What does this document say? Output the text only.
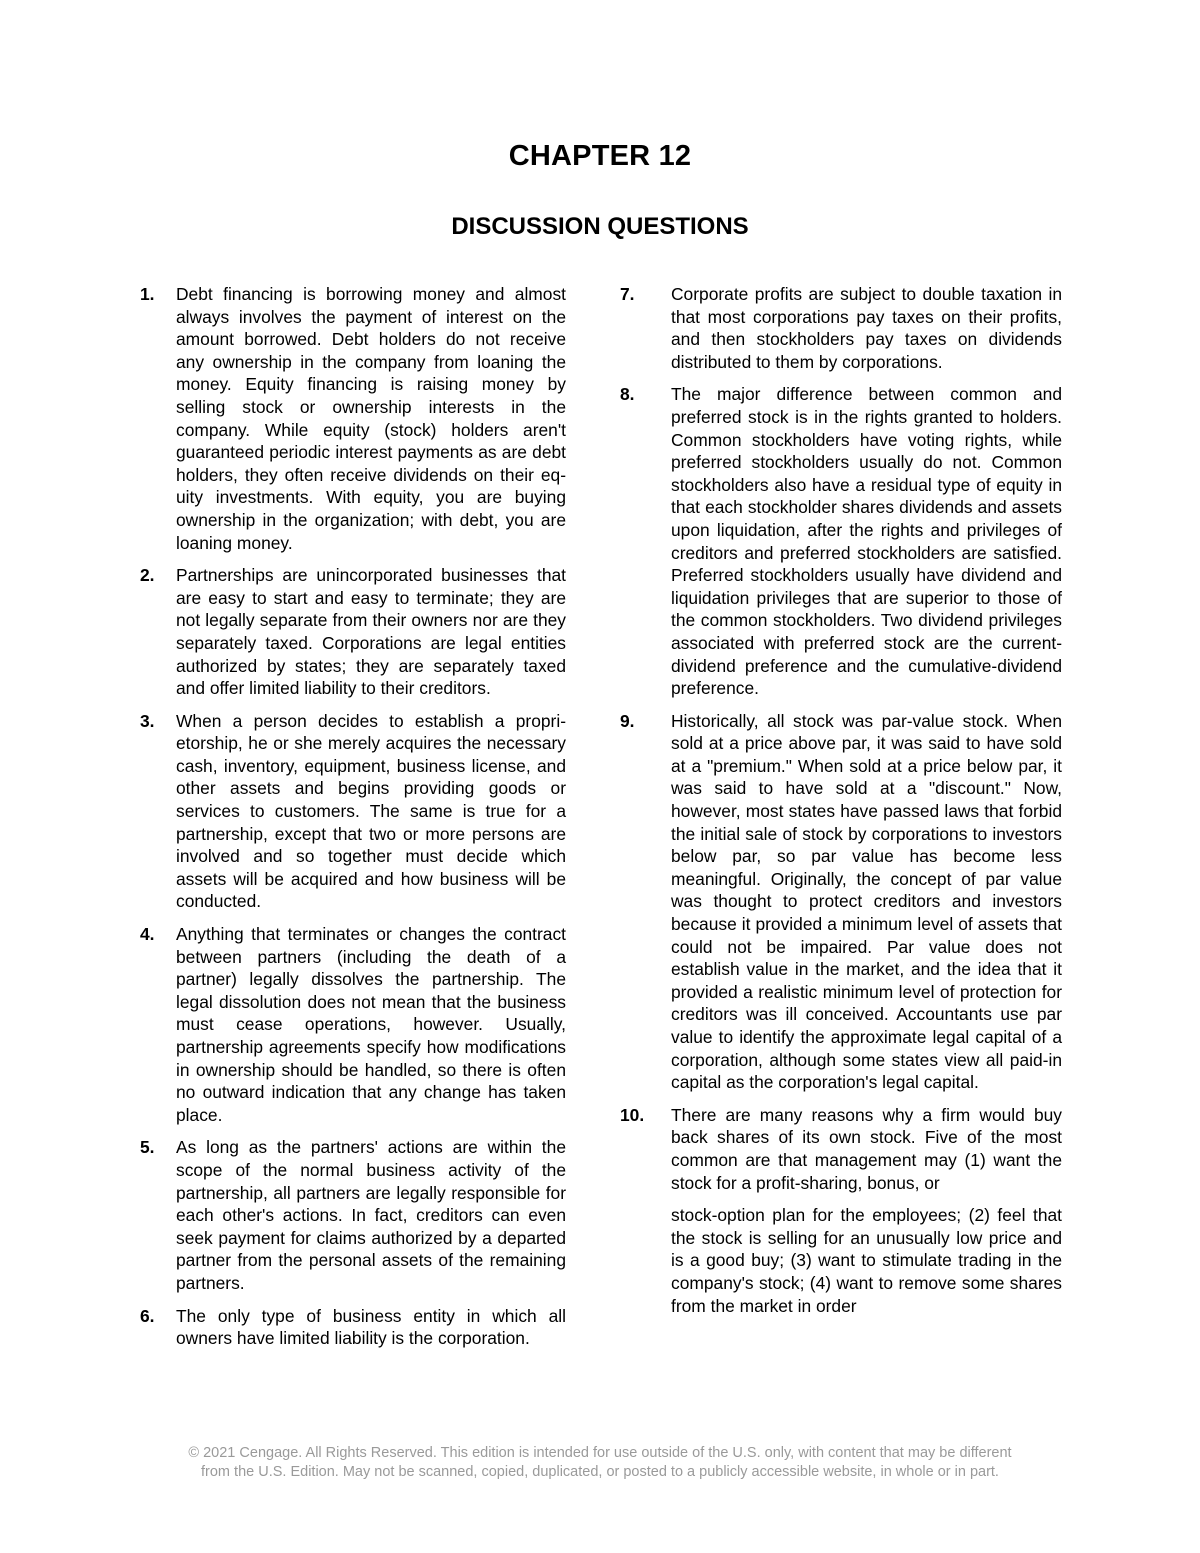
CHAPTER 12
DISCUSSION QUESTIONS
1.	Debt financing is borrowing money and almost always involves the payment of interest on the amount borrowed. Debt holders do not receive any ownership in the company from loaning the money. Equity financing is raising money by selling stock or ownership interests in the company. While equity (stock) holders aren't guaranteed periodic interest payments as are debt holders, they often receive dividends on their equity investments. With equity, you are buying ownership in the organization; with debt, you are loaning money.
2.	Partnerships are unincorporated businesses that are easy to start and easy to terminate; they are not legally separate from their owners nor are they separately taxed. Corporations are legal entities authorized by states; they are separately taxed and offer limited liability to their creditors.
3.	When a person decides to establish a proprietorship, he or she merely acquires the necessary cash, inventory, equipment, business license, and other assets and begins providing goods or services to customers. The same is true for a partnership, except that two or more persons are involved and so together must decide which assets will be acquired and how business will be conducted.
4.	Anything that terminates or changes the contract between partners (including the death of a partner) legally dissolves the partnership. The legal dissolution does not mean that the business must cease operations, however. Usually, partnership agreements specify how modifications in ownership should be handled, so there is often no outward indication that any change has taken place.
5.	As long as the partners' actions are within the scope of the normal business activity of the partnership, all partners are legally responsible for each other's actions. In fact, creditors can even seek payment for claims authorized by a departed partner from the personal assets of the remaining partners.
6.	The only type of business entity in which all owners have limited liability is the corporation.
7.	Corporate profits are subject to double taxation in that most corporations pay taxes on their profits, and then stockholders pay taxes on dividends distributed to them by corporations.
8.	The major difference between common and preferred stock is in the rights granted to holders. Common stockholders have voting rights, while preferred stockholders usually do not. Common stockholders also have a residual type of equity in that each stockholder shares dividends and assets upon liquidation, after the rights and privileges of creditors and preferred stockholders are satisfied. Preferred stockholders usually have dividend and liquidation privileges that are superior to those of the common stockholders. Two dividend privileges associated with preferred stock are the current-dividend preference and the cumulative-dividend preference.
9.	Historically, all stock was par-value stock. When sold at a price above par, it was said to have sold at a "premium." When sold at a price below par, it was said to have sold at a "discount." Now, however, most states have passed laws that forbid the initial sale of stock by corporations to investors below par, so par value has become less meaningful. Originally, the concept of par value was thought to protect creditors and investors because it provided a minimum level of assets that could not be impaired. Par value does not establish value in the market, and the idea that it provided a realistic minimum level of protection for creditors was ill conceived. Accountants use par value to identify the approximate legal capital of a corporation, although some states view all paid-in capital as the corporation's legal capital.
10.	There are many reasons why a firm would buy back shares of its own stock. Five of the most common are that management may (1) want the stock for a profit-sharing, bonus, or
stock-option plan for the employees; (2) feel that the stock is selling for an unusually low price and is a good buy; (3) want to stimulate trading in the company's stock; (4) want to remove some shares from the market in order
© 2021 Cengage. All Rights Reserved. This edition is intended for use outside of the U.S. only, with content that may be different
from the U.S. Edition. May not be scanned, copied, duplicated, or posted to a publicly accessible website, in whole or in part.
